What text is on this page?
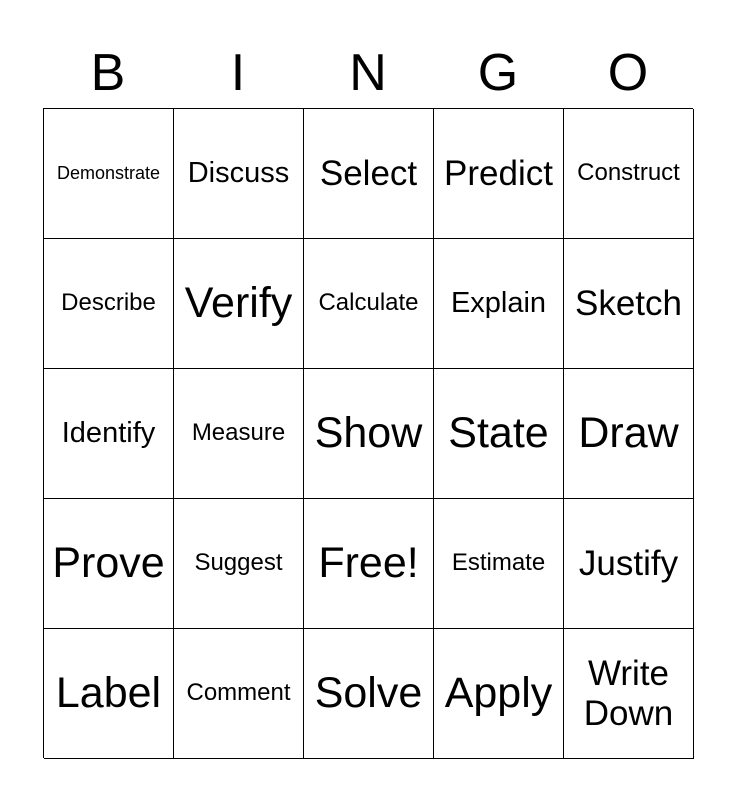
B	I	N	G	O
Demonstrate Discuss Select Predict Construct
Describe Verify Calculate Explain Sketch
Identify Measure Show State Draw
Prove Suggest Free! Estimate Justify
Label Comment Solve Apply	Write Down
